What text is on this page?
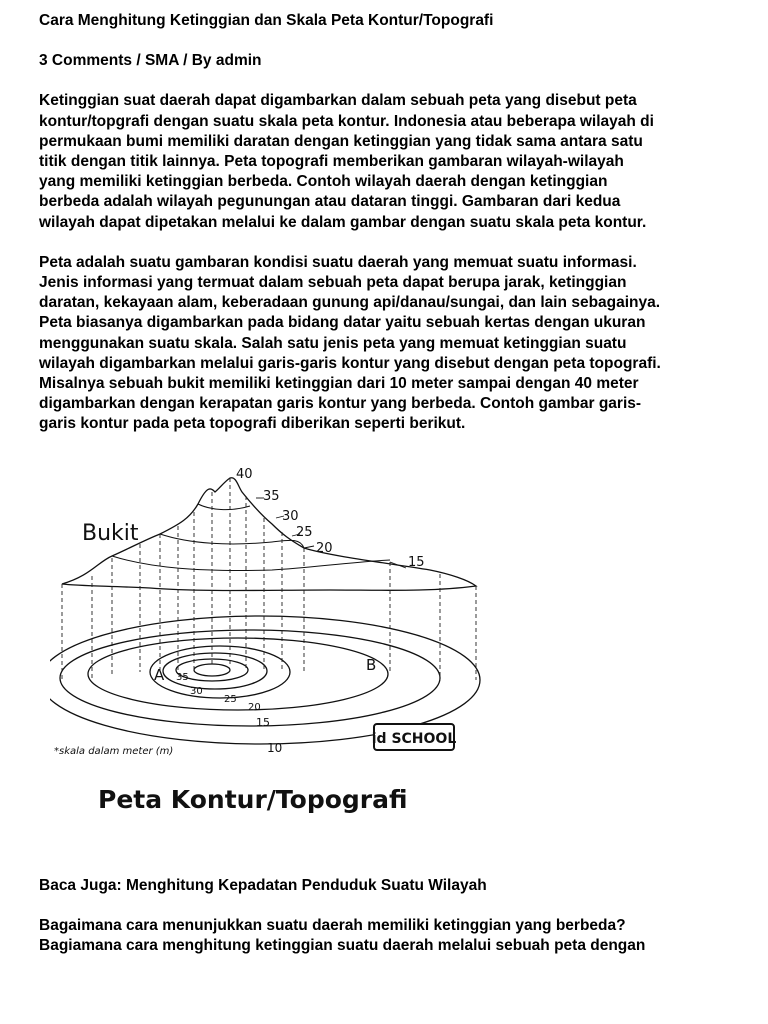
Cara Menghitung Ketinggian dan Skala Peta Kontur/Topografi

3 Comments / SMA / By admin

Ketinggian suat daerah dapat digambarkan dalam sebuah peta yang disebut peta
kontur/topgrafi dengan suatu skala peta kontur. Indonesia atau beberapa wilayah di
permukaan bumi memiliki daratan dengan ketinggian yang tidak sama antara satu
titik dengan titik lainnya. Peta topografi memberikan gambaran wilayah-wilayah
yang memiliki ketinggian berbeda. Contoh wilayah daerah dengan ketinggian
berbeda adalah wilayah pegunungan atau dataran tinggi. Gambaran dari kedua
wilayah dapat dipetakan melalui ke dalam gambar dengan suatu skala peta kontur.

Peta adalah suatu gambaran kondisi suatu daerah yang memuat suatu informasi.
Jenis informasi yang termuat dalam sebuah peta dapat berupa jarak, ketinggian
daratan, kekayaan alam, keberadaan gunung api/danau/sungai, dan lain sebagainya.
Peta biasanya digambarkan pada bidang datar yaitu sebuah kertas dengan ukuran
menggunakan suatu skala. Salah satu jenis peta yang memuat ketinggian suatu
wilayah digambarkan melalui garis-garis kontur yang disebut dengan peta topografi.
Misalnya sebuah bukit memiliki ketinggian dari 10 meter sampai dengan 40 meter
digambarkan dengan kerapatan garis kontur yang berbeda. Contoh gambar garis-
garis kontur pada peta topografi diberikan seperti berikut.

Bukit
40
35
30
25
20
15
A
B
35
30
25
20
15
10
*skala dalam meter (m)
id SCHOOL
Peta Kontur/Topografi

Baca Juga: Menghitung Kepadatan Penduduk Suatu Wilayah

Bagaimana cara menunjukkan suatu daerah memiliki ketinggian yang berbeda?
Bagiamana cara menghitung ketinggian suatu daerah melalui sebuah peta dengan
